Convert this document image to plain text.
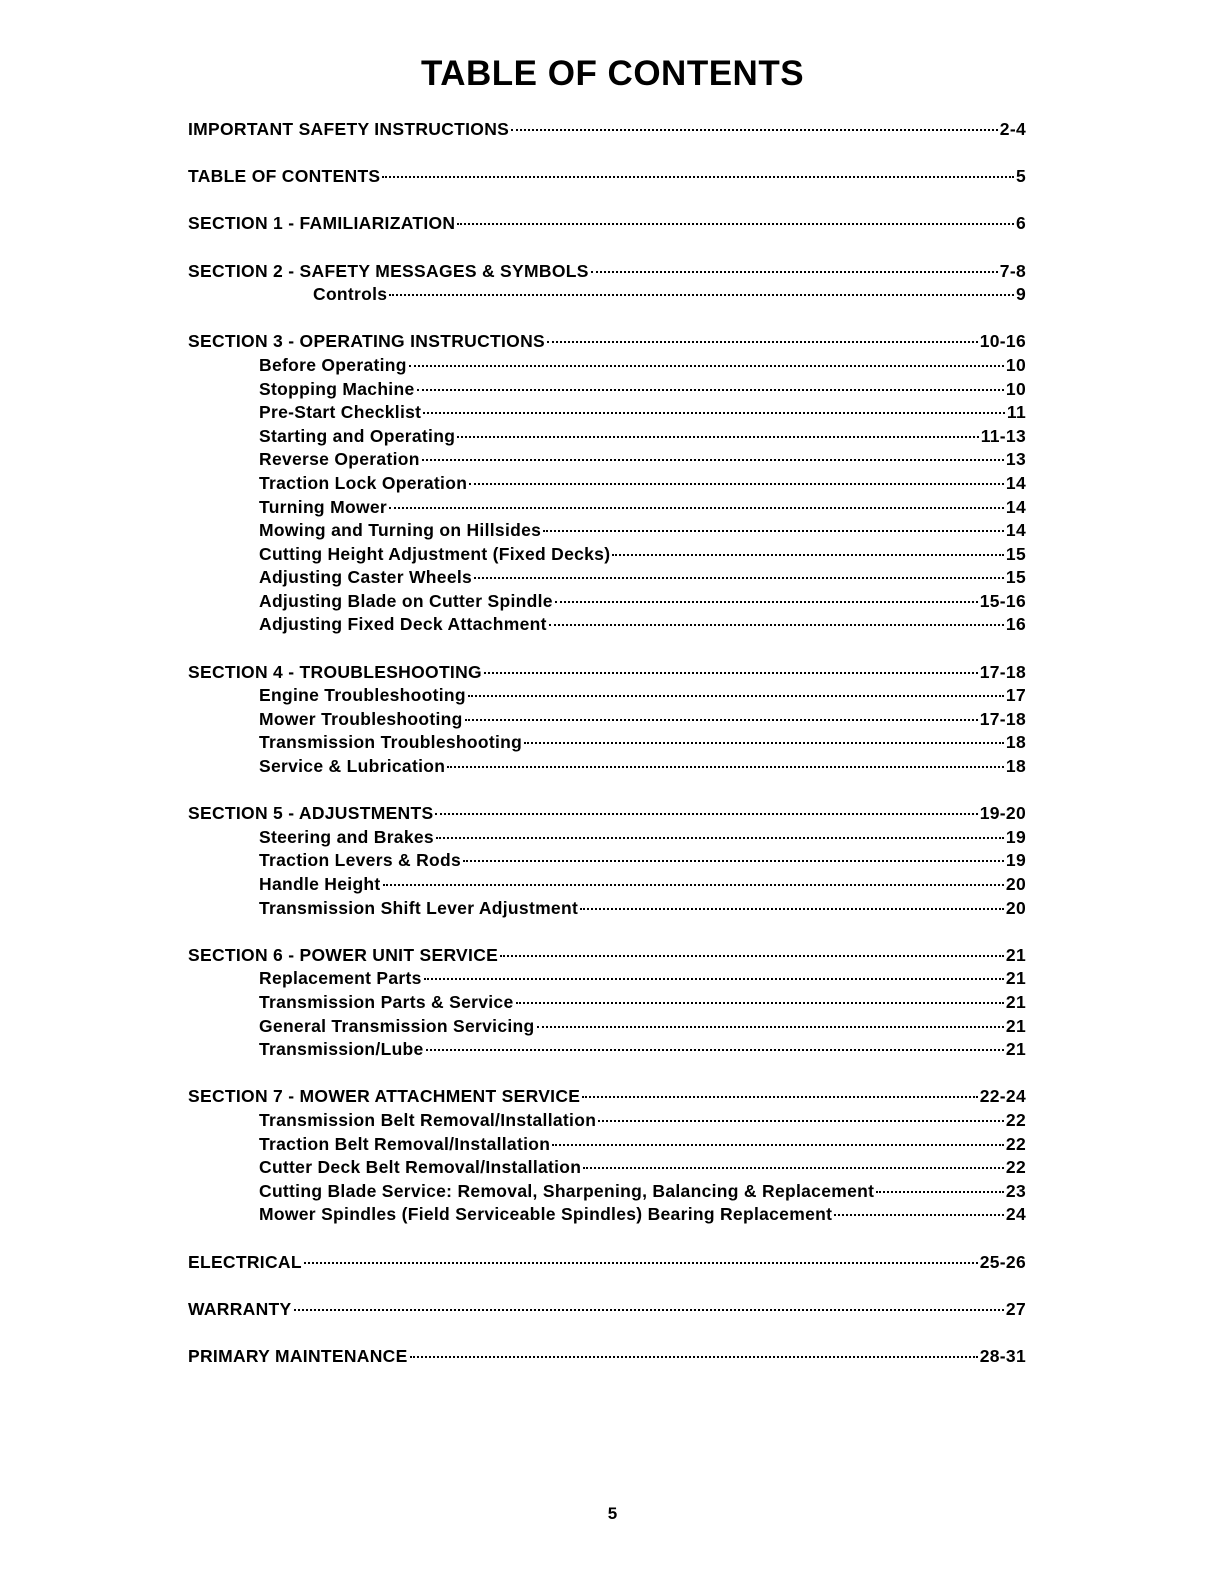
TABLE OF CONTENTS
IMPORTANT SAFETY INSTRUCTIONS	2-4
TABLE OF CONTENTS	5
SECTION 1 - FAMILIARIZATION	6
SECTION 2 - SAFETY MESSAGES & SYMBOLS	7-8
Controls	9
SECTION 3 - OPERATING INSTRUCTIONS	10-16
Before Operating	10
Stopping Machine	10
Pre-Start Checklist	11
Starting and Operating	11-13
Reverse Operation	13
Traction Lock Operation	14
Turning Mower	14
Mowing and Turning on Hillsides	14
Cutting Height Adjustment (Fixed Decks)	15
Adjusting Caster Wheels	15
Adjusting Blade on Cutter Spindle	15-16
Adjusting Fixed Deck Attachment	16
SECTION 4 - TROUBLESHOOTING	17-18
Engine Troubleshooting	17
Mower Troubleshooting	17-18
Transmission Troubleshooting	18
Service & Lubrication	18
SECTION 5 - ADJUSTMENTS	19-20
Steering and Brakes	19
Traction Levers & Rods	19
Handle Height	20
Transmission Shift Lever Adjustment	20
SECTION 6 - POWER UNIT SERVICE	21
Replacement Parts	21
Transmission Parts & Service	21
General Transmission Servicing	21
Transmission/Lube	21
SECTION 7 - MOWER ATTACHMENT SERVICE	22-24
Transmission Belt Removal/Installation	22
Traction Belt Removal/Installation	22
Cutter Deck Belt Removal/Installation	22
Cutting Blade Service: Removal, Sharpening, Balancing & Replacement	23
Mower Spindles (Field Serviceable Spindles) Bearing Replacement	24
ELECTRICAL	25-26
WARRANTY	27
PRIMARY MAINTENANCE	28-31
5
